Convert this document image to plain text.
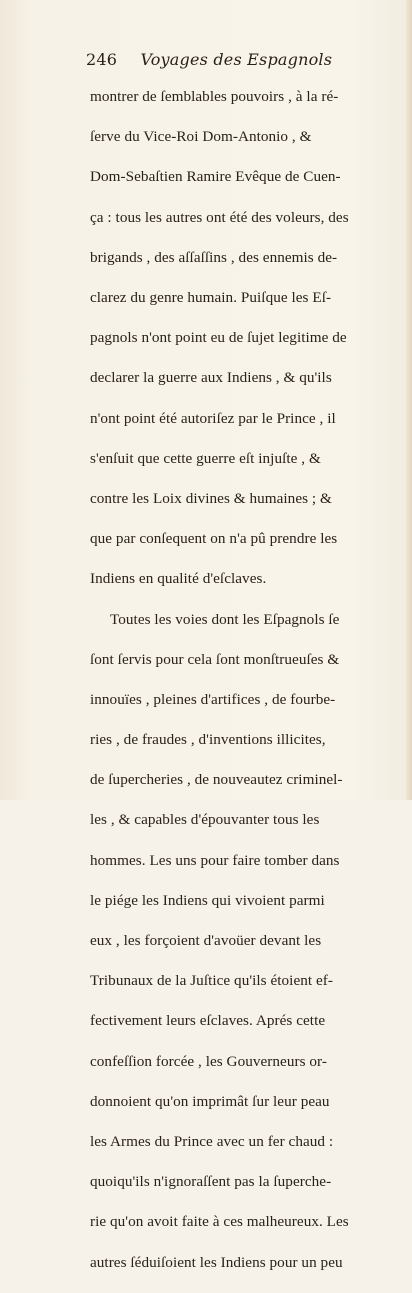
246 Voyages des Espagnols

montrer de ſemblables pouvoirs , à la ré-

ſerve du Vice-Roi Dom-Antonio , &

Dom-Sebaſtien Ramire Evêque de Cuen-

ça : tous les autres ont été des voleurs, des

brigands , des aſſaſſins , des ennemis de-

clarez du genre humain. Puiſque les Eſ-

pagnols n'ont point eu de ſujet legitime de

declarer la guerre aux Indiens , & qu'ils

n'ont point été autoriſez par le Prince , il

s'enſuit que cette guerre eſt injuſte , &

contre les Loix divines & humaines ; &

que par conſequent on n'a pû prendre les

Indiens en qualité d'eſclaves.

Toutes les voies dont les Eſpagnols ſe

ſont ſervis pour cela ſont monſtrueuſes &

innouïes , pleines d'artifices , de fourbe-

ries , de fraudes , d'inventions illicites,

de ſupercheries , de nouveautez criminel-

les , & capables d'épouvanter tous les

hommes. Les uns pour faire tomber dans

le piége les Indiens qui vivoient parmi

eux , les forçoient d'avoüer devant les

Tribunaux de la Juſtice qu'ils étoient ef-

fectivement leurs eſclaves. Aprés cette

confeſſion forcée , les Gouverneurs or-

donnoient qu'on imprimât ſur leur peau

les Armes du Prince avec un fer chaud :

quoiqu'ils n'ignoraſſent pas la ſuperche-

rie qu'on avoit faite à ces malheureux. Les

autres ſéduiſoient les Indiens pour un peu
